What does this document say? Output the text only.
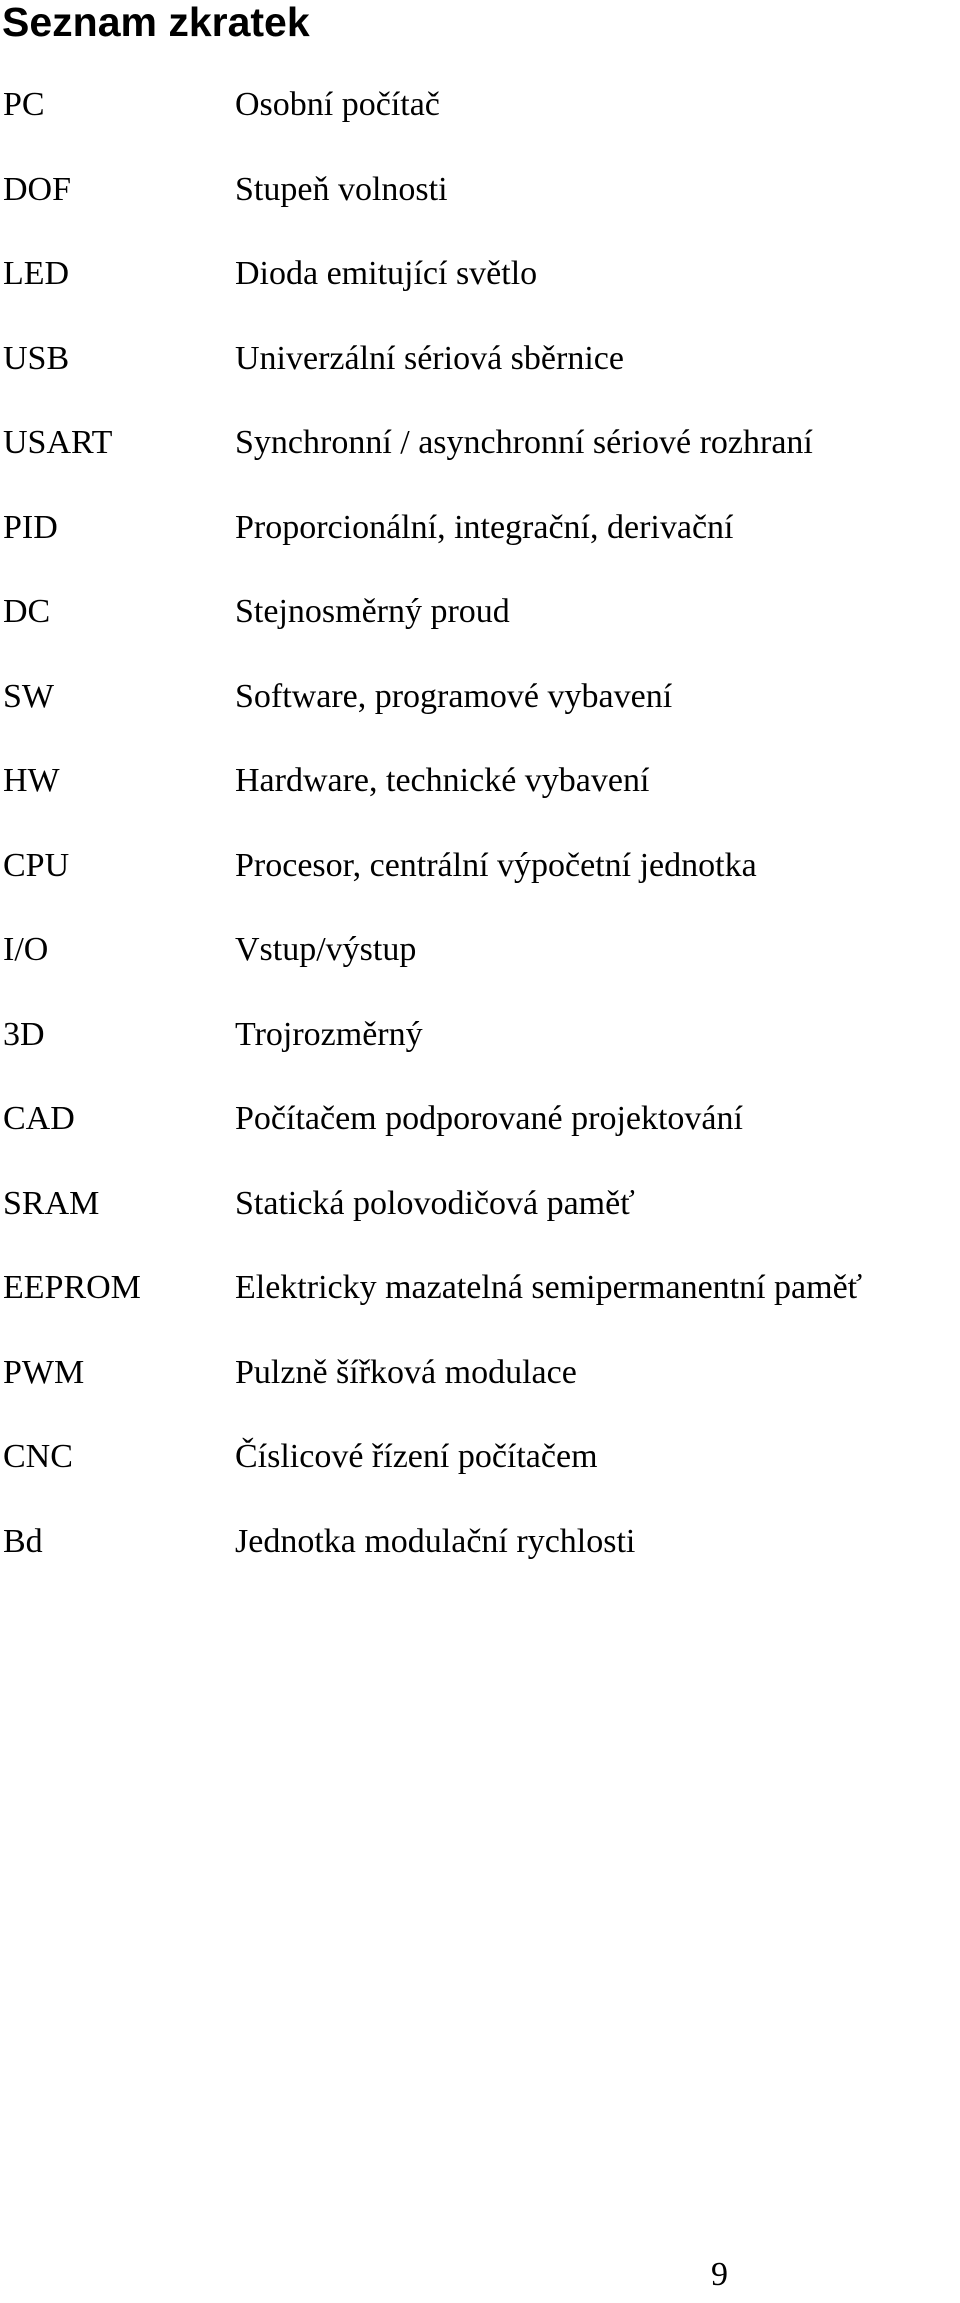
Seznam zkratek
PC	Osobní počítač
DOF	Stupeň volnosti
LED	Dioda emitující světlo
USB	Univerzální sériová sběrnice
USART	Synchronní / asynchronní sériové rozhraní
PID	Proporcionální, integrační, derivační
DC	Stejnosměrný proud
SW	Software, programové vybavení
HW	Hardware, technické vybavení
CPU	Procesor, centrální výpočetní jednotka
I/O	Vstup/výstup
3D	Trojrozměrný
CAD	Počítačem podporované projektování
SRAM	Statická polovodičová paměť
EEPROM	Elektricky mazatelná semipermanentní paměť
PWM	Pulzně šířková modulace
CNC	Číslicové řízení počítačem
Bd	Jednotka modulační rychlosti
9
